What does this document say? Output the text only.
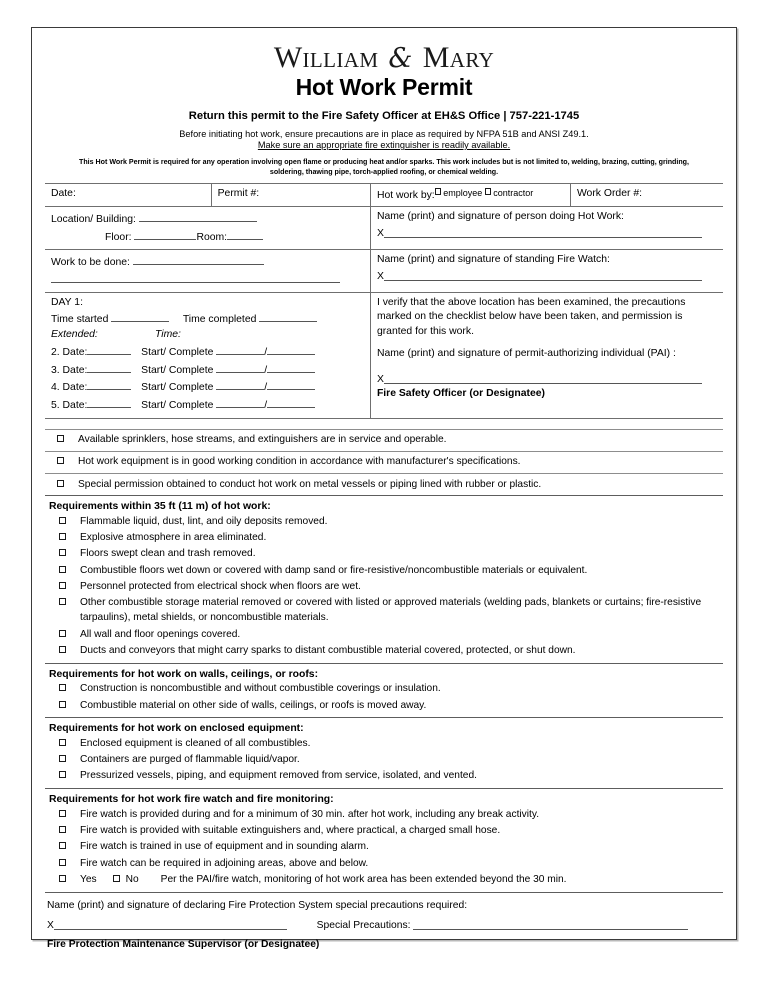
William & Mary
Hot Work Permit
Return this permit to the Fire Safety Officer at EH&S Office | 757-221-1745
Before initiating hot work, ensure precautions are in place as required by NFPA 51B and ANSI Z49.1.
Make sure an appropriate fire extinguisher is readily available.
This Hot Work Permit is required for any operation involving open flame or producing heat and/or sparks. This work includes but is not limited to, welding, brazing, cutting, grinding, soldering, thawing pipe, torch-applied roofing, or chemical welding.
Date:	Permit #:	Hot work by: employee contractor	Work Order #:

Location/ Building:
Floor:	Room:

Name (print) and signature of person doing Hot Work:
X

Work to be done:		Name (print) and signature of standing Fire Watch:
X	

DAY 1:
Time started	Time completed
Extended:	Time:
2. Date:	Start/ Complete	/
3. Date:	Start/ Complete	/
4. Date:	Start/ Complete	/
5. Date:	Start/ Complete	/

I verify that the above location has been examined, the precautions marked on the checklist below have been taken, and permission is granted for this work.
Name (print) and signature of permit-authorizing individual (PAI) :
X
Fire Safety Officer (or Designatee)
Available sprinklers, hose streams, and extinguishers are in service and operable.
Hot work equipment is in good working condition in accordance with manufacturer's specifications.
Special permission obtained to conduct hot work on metal vessels or piping lined with rubber or plastic.
Requirements within 35 ft (11 m) of hot work:
Flammable liquid, dust, lint, and oily deposits removed.
Explosive atmosphere in area eliminated.
Floors swept clean and trash removed.
Combustible floors wet down or covered with damp sand or fire-resistive/noncombustible materials or equivalent.
Personnel protected from electrical shock when floors are wet.
Other combustible storage material removed or covered with listed or approved materials (welding pads, blankets or curtains; fire-resistive tarpaulins), metal shields, or noncombustible materials.
All wall and floor openings covered.
Ducts and conveyors that might carry sparks to distant combustible material covered, protected, or shut down.
Requirements for hot work on walls, ceilings, or roofs:
Construction is noncombustible and without combustible coverings or insulation.
Combustible material on other side of walls, ceilings, or roofs is moved away.
Requirements for hot work on enclosed equipment:
Enclosed equipment is cleaned of all combustibles.
Containers are purged of flammable liquid/vapor.
Pressurized vessels, piping, and equipment removed from service, isolated, and vented.
Requirements for hot work fire watch and fire monitoring:
Fire watch is provided during and for a minimum of 30 min. after hot work, including any break activity.
Fire watch is provided with suitable extinguishers and, where practical, a charged small hose.
Fire watch is trained in use of equipment and in sounding alarm.
Fire watch can be required in adjoining areas, above and below.
Yes	No Per the PAI/fire watch, monitoring of hot work area has been extended beyond the 30 min.
Name (print) and signature of declaring Fire Protection System special precautions required:
X	Special Precautions:
Fire Protection Maintenance Supervisor (or Designatee)
